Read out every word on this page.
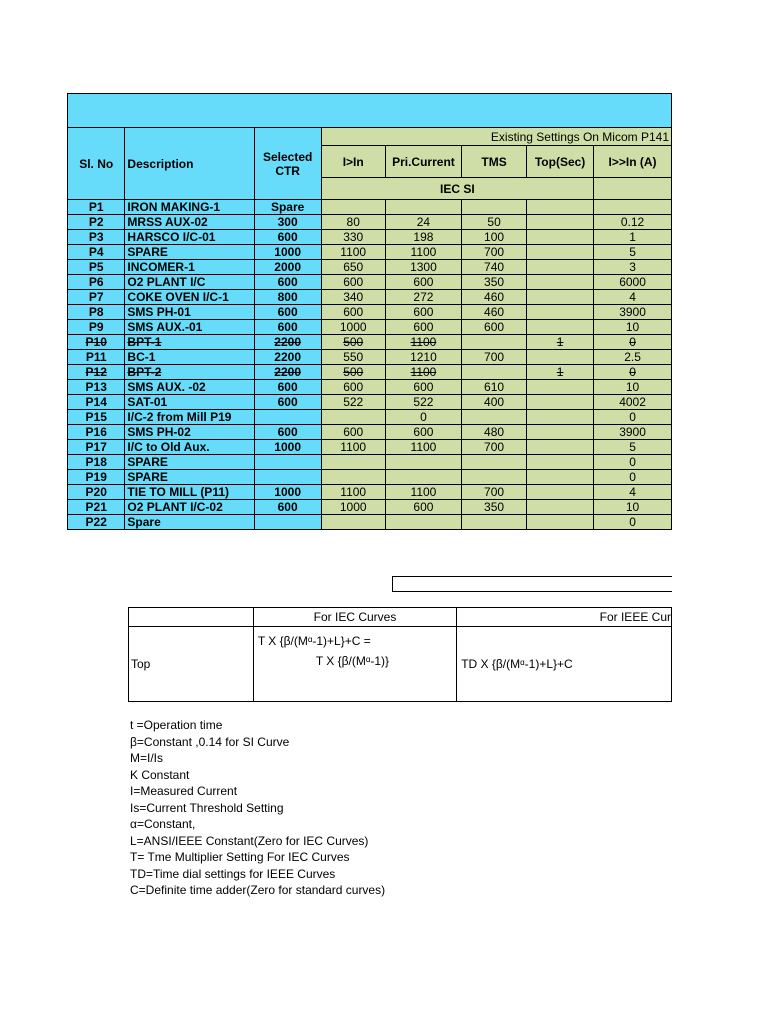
Sl. No	Description	Selected CTR	Existing Settings On Micom P141				
			I>In	Pri.Current	TMS	Top(Sec)	I>>In (A)
			IEC SI				
P1	IRON MAKING-1	Spare					
P2	MRSS AUX-02	300	80	24	50		0.12
P3	HARSCO I/C-01	600	330	198	100		1
P4	SPARE	1000	1100	1100	700		5
P5	INCOMER-1	2000	650	1300	740		3
P6	O2 PLANT I/C	600	600	600	350		6000
P7	COKE OVEN I/C-1	800	340	272	460		4
P8	SMS PH-01	600	600	600	460		3900
P9	SMS AUX.-01	600	1000	600	600		10
P10	BPT-1	2200	500	1100		1	0
P11	BC-1	2200	550	1210	700		2.5
P12	BPT-2	2200	500	1100		1	0
P13	SMS AUX. -02	600	600	600	610		10
P14	SAT-01	600	522	522	400		4002
P15	I/C-2 from Mill P19			0			0
P16	SMS PH-02	600	600	600	480		3900
P17	I/C to Old Aux.	1000	1100	1100	700		5
P18	SPARE						0
P19	SPARE						0
P20	TIE TO MILL (P11)	1000	1100	1100	700		4
P21	O2 PLANT I/C-02	600	1000	600	350		10
P22	Spare						0
	For IEC Curves	For IEEE Cur
Top	T X {β/(Mᵅ-1)+L}+C =
T X {β/(Mᵅ-1)}	TD X {β/(Mᵅ-1)+L}+C
t =Operation time
β=Constant ,0.14 for SI Curve
M=I/Is
K Constant
I=Measured Current
Is=Current Threshold Setting
α=Constant,
L=ANSI/IEEE Constant(Zero for IEC Curves)
T= Tme Multiplier Setting For IEC Curves
TD=Time dial settings for IEEE Curves
C=Definite time adder(Zero for standard curves)
